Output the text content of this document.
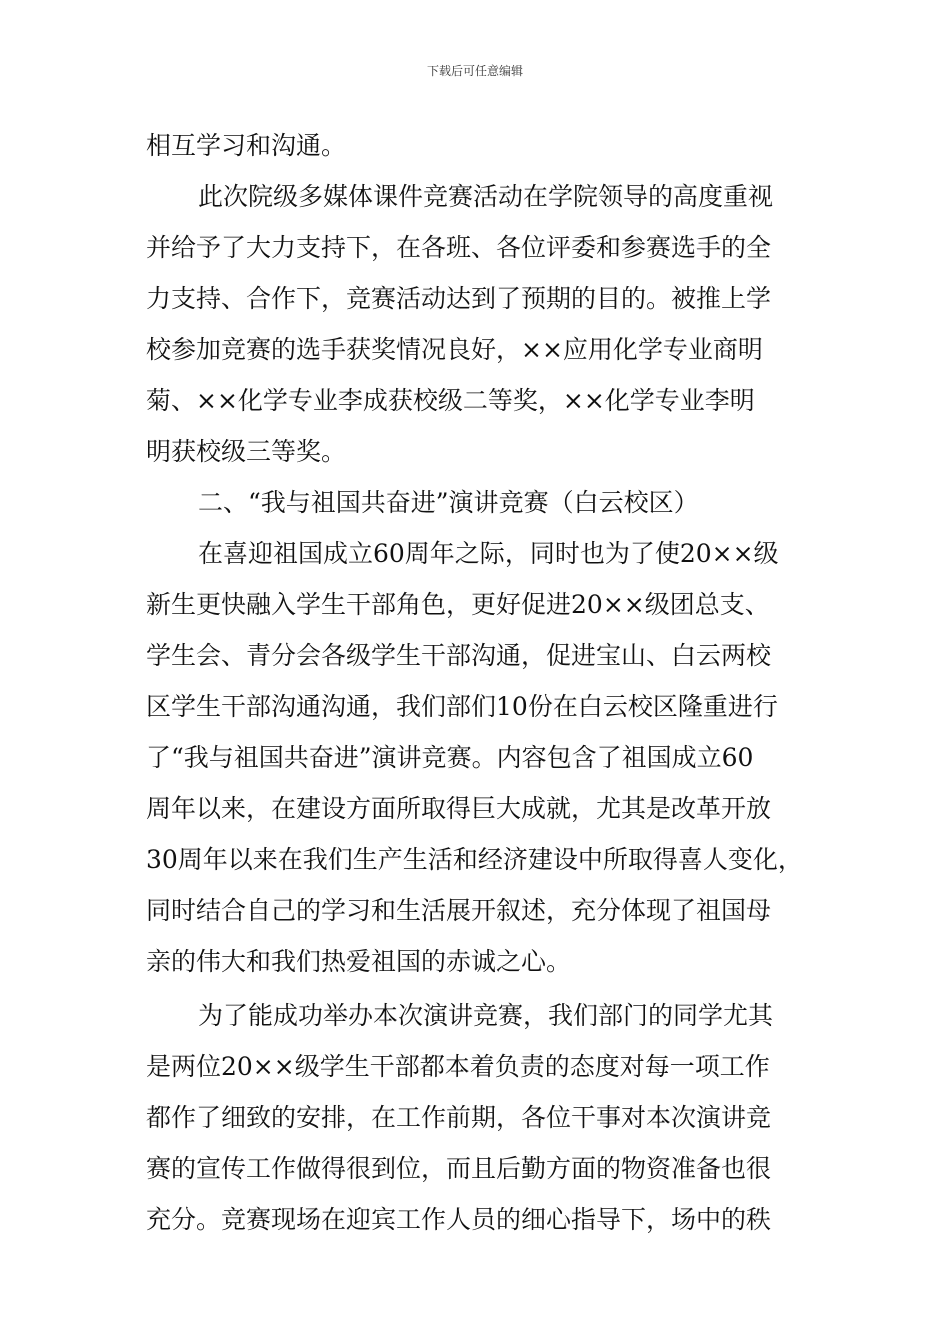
下载后可任意编辑
相互学习和沟通。
此次院级多媒体课件竞赛活动在学院领导的高度重视
并给予了大力支持下，在各班、各位评委和参赛选手的全
力支持、合作下，竞赛活动达到了预期的目的。被推上学
校参加竞赛的选手获奖情况良好，××应用化学专业商明
菊、××化学专业李成获校级二等奖，××化学专业李明
明获校级三等奖。
二、“我与祖国共奋进”演讲竞赛（白云校区）
在喜迎祖国成立60周年之际，同时也为了使20××级
新生更快融入学生干部角色，更好促进20××级团总支、
学生会、青分会各级学生干部沟通，促进宝山、白云两校
区学生干部沟通沟通，我们部们10份在白云校区隆重进行
了“我与祖国共奋进”演讲竞赛。内容包含了祖国成立60
周年以来，在建设方面所取得巨大成就，尤其是改革开放
30周年以来在我们生产生活和经济建设中所取得喜人变化，
同时结合自己的学习和生活展开叙述，充分体现了祖国母
亲的伟大和我们热爱祖国的赤诚之心。
为了能成功举办本次演讲竞赛，我们部门的同学尤其
是两位20××级学生干部都本着负责的态度对每一项工作
都作了细致的安排，在工作前期，各位干事对本次演讲竞
赛的宣传工作做得很到位，而且后勤方面的物资准备也很
充分。竞赛现场在迎宾工作人员的细心指导下，场中的秩
